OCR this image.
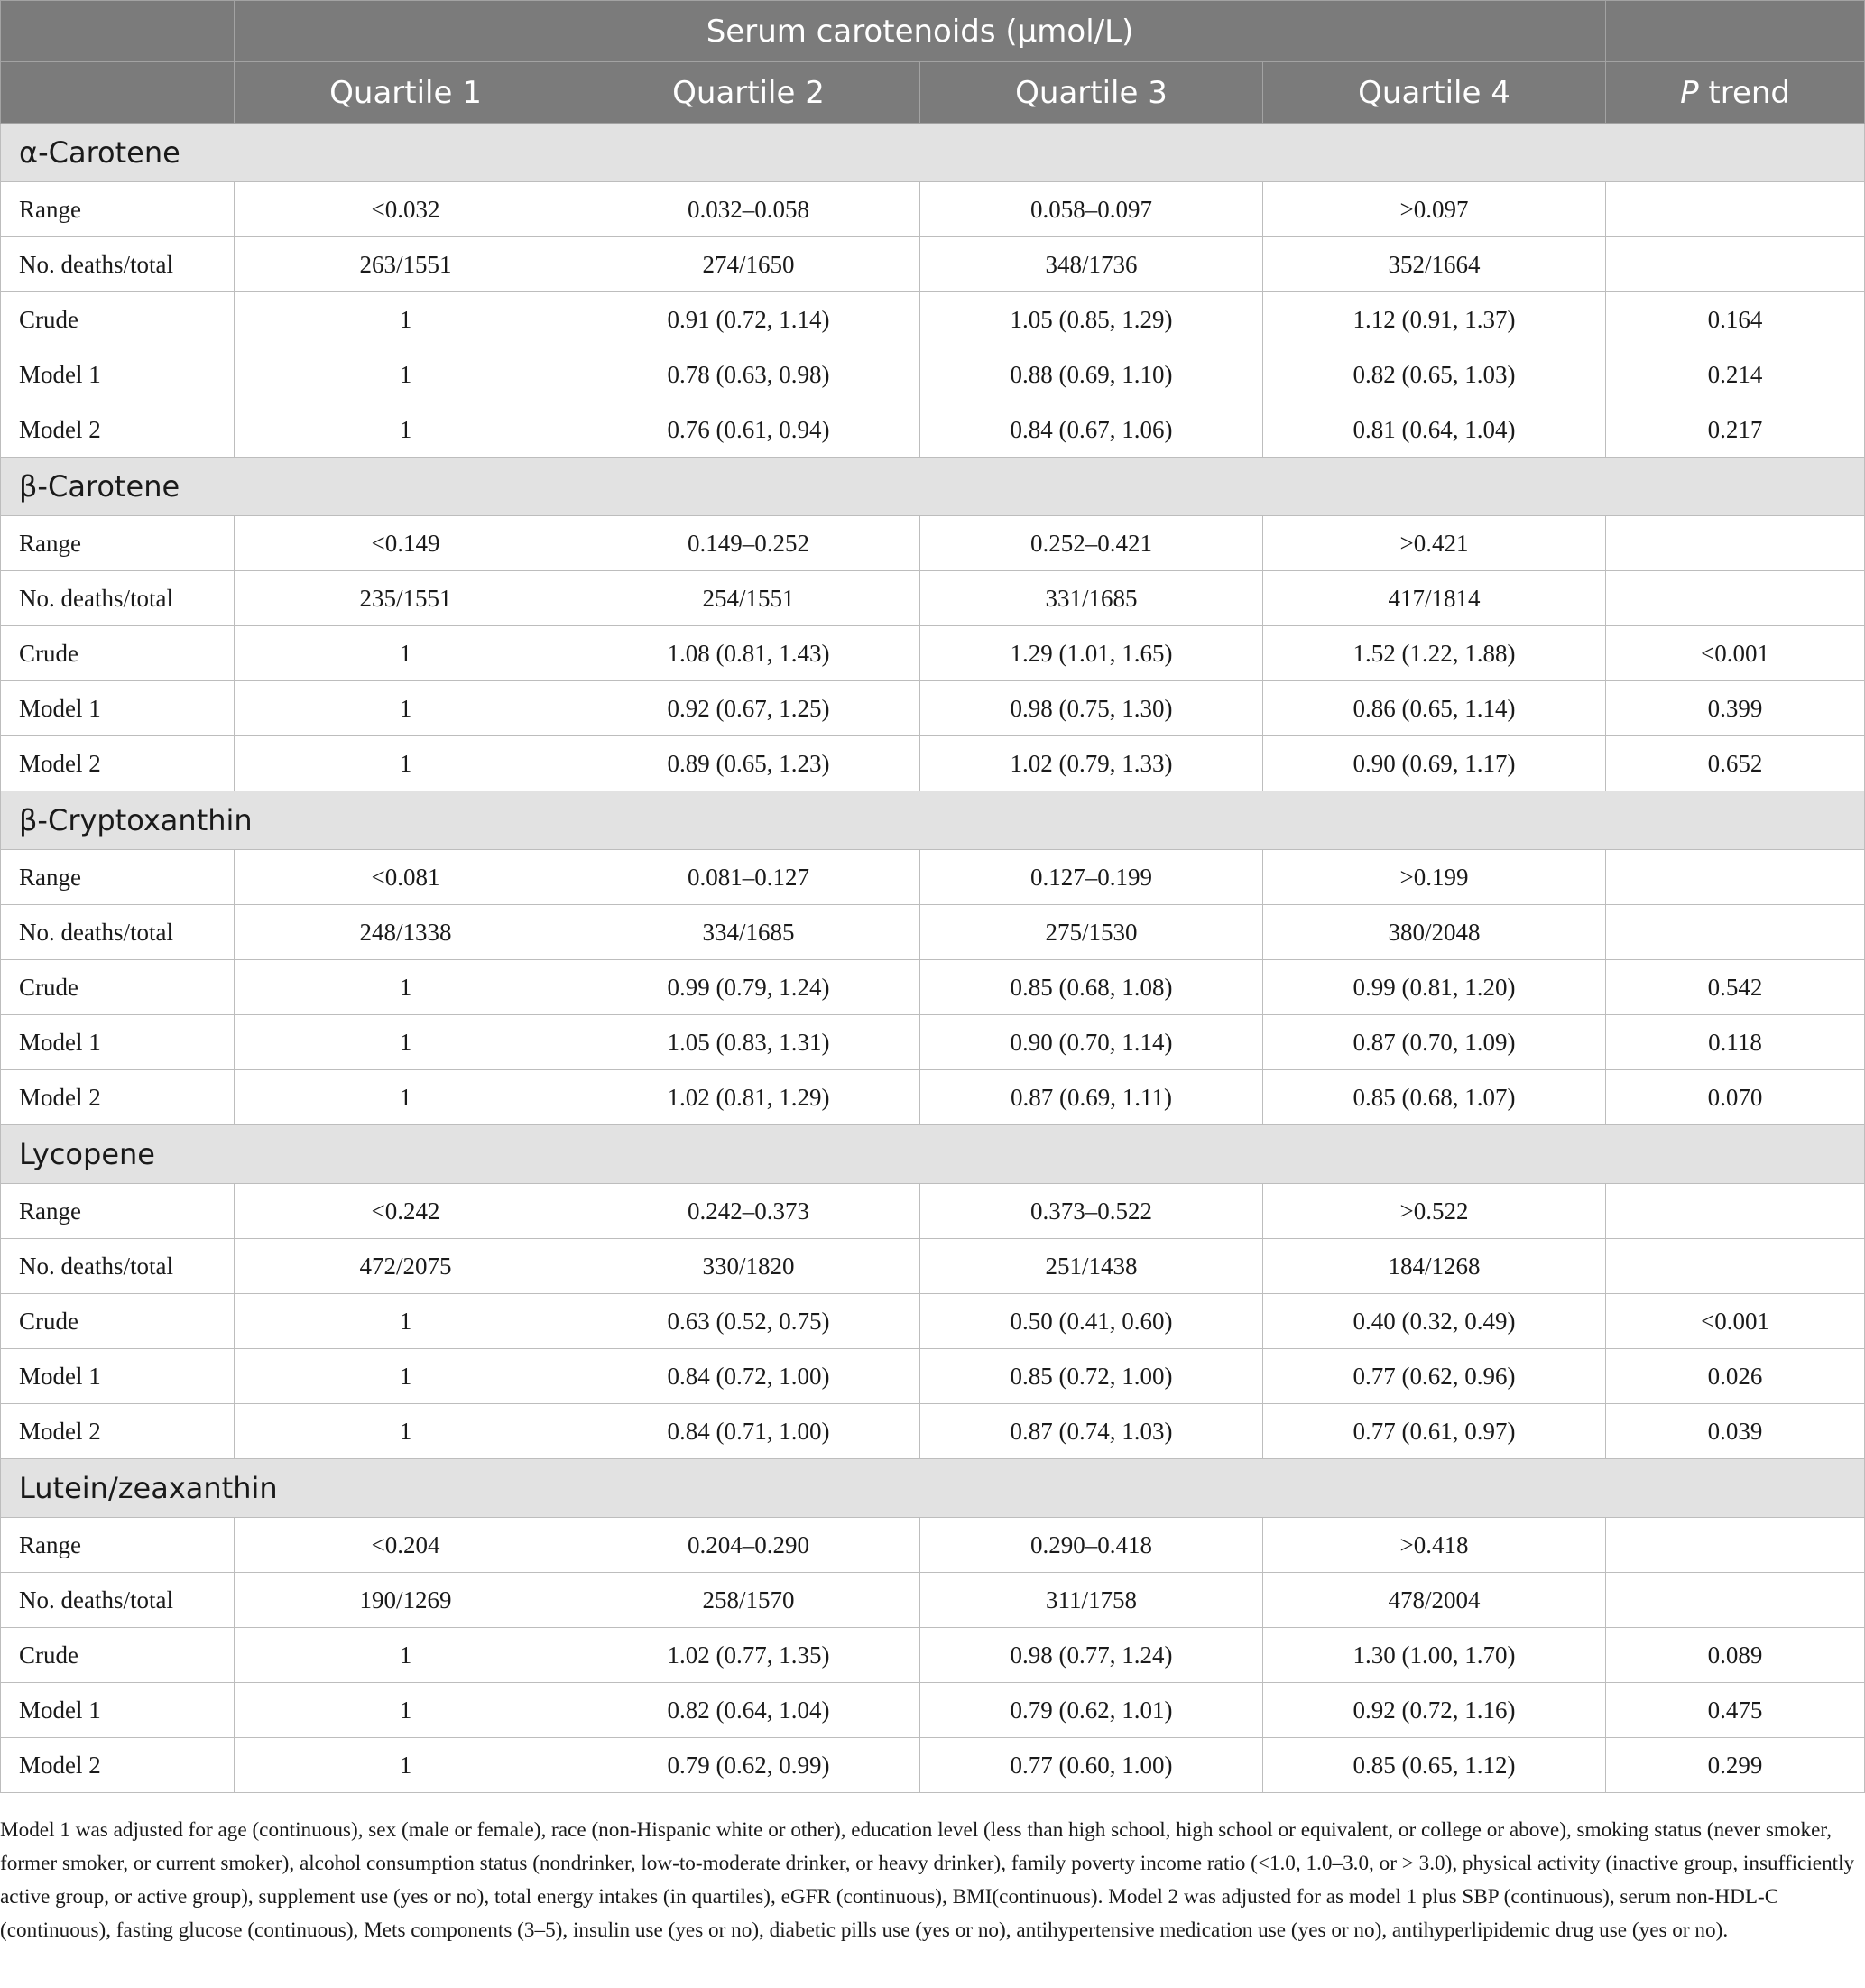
	Serum carotenoids (μmol/L)				
	Quartile 1	Quartile 2	Quartile 3	Quartile 4	P trend
α-Carotene					
Range	<0.032	0.032–0.058	0.058–0.097	>0.097	
No. deaths/total	263/1551	274/1650	348/1736	352/1664	
Crude	1	0.91 (0.72, 1.14)	1.05 (0.85, 1.29)	1.12 (0.91, 1.37)	0.164
Model 1	1	0.78 (0.63, 0.98)	0.88 (0.69, 1.10)	0.82 (0.65, 1.03)	0.214
Model 2	1	0.76 (0.61, 0.94)	0.84 (0.67, 1.06)	0.81 (0.64, 1.04)	0.217
β-Carotene					
Range	<0.149	0.149–0.252	0.252–0.421	>0.421	
No. deaths/total	235/1551	254/1551	331/1685	417/1814	
Crude	1	1.08 (0.81, 1.43)	1.29 (1.01, 1.65)	1.52 (1.22, 1.88)	<0.001
Model 1	1	0.92 (0.67, 1.25)	0.98 (0.75, 1.30)	0.86 (0.65, 1.14)	0.399
Model 2	1	0.89 (0.65, 1.23)	1.02 (0.79, 1.33)	0.90 (0.69, 1.17)	0.652
β-Cryptoxanthin					
Range	<0.081	0.081–0.127	0.127–0.199	>0.199	
No. deaths/total	248/1338	334/1685	275/1530	380/2048	
Crude	1	0.99 (0.79, 1.24)	0.85 (0.68, 1.08)	0.99 (0.81, 1.20)	0.542
Model 1	1	1.05 (0.83, 1.31)	0.90 (0.70, 1.14)	0.87 (0.70, 1.09)	0.118
Model 2	1	1.02 (0.81, 1.29)	0.87 (0.69, 1.11)	0.85 (0.68, 1.07)	0.070
Lycopene					
Range	<0.242	0.242–0.373	0.373–0.522	>0.522	
No. deaths/total	472/2075	330/1820	251/1438	184/1268	
Crude	1	0.63 (0.52, 0.75)	0.50 (0.41, 0.60)	0.40 (0.32, 0.49)	<0.001
Model 1	1	0.84 (0.72, 1.00)	0.85 (0.72, 1.00)	0.77 (0.62, 0.96)	0.026
Model 2	1	0.84 (0.71, 1.00)	0.87 (0.74, 1.03)	0.77 (0.61, 0.97)	0.039
Lutein/zeaxanthin					
Range	<0.204	0.204–0.290	0.290–0.418	>0.418	
No. deaths/total	190/1269	258/1570	311/1758	478/2004	
Crude	1	1.02 (0.77, 1.35)	0.98 (0.77, 1.24)	1.30 (1.00, 1.70)	0.089
Model 1	1	0.82 (0.64, 1.04)	0.79 (0.62, 1.01)	0.92 (0.72, 1.16)	0.475
Model 2	1	0.79 (0.62, 0.99)	0.77 (0.60, 1.00)	0.85 (0.65, 1.12)	0.299

Model 1 was adjusted for age (continuous), sex (male or female), race (non-Hispanic white or other), education level (less than high school, high school or equivalent, or college or above), smoking status (never smoker, former smoker, or current smoker), alcohol consumption status (nondrinker, low-to-moderate drinker, or heavy drinker), family poverty income ratio (<1.0, 1.0–3.0, or > 3.0), physical activity (inactive group, insufficiently active group, or active group), supplement use (yes or no), total energy intakes (in quartiles), eGFR (continuous), BMI(continuous). Model 2 was adjusted for as model 1 plus SBP (continuous), serum non-HDL-C (continuous), fasting glucose (continuous), Mets components (3–5), insulin use (yes or no), diabetic pills use (yes or no), antihypertensive medication use (yes or no), antihyperlipidemic drug use (yes or no).
